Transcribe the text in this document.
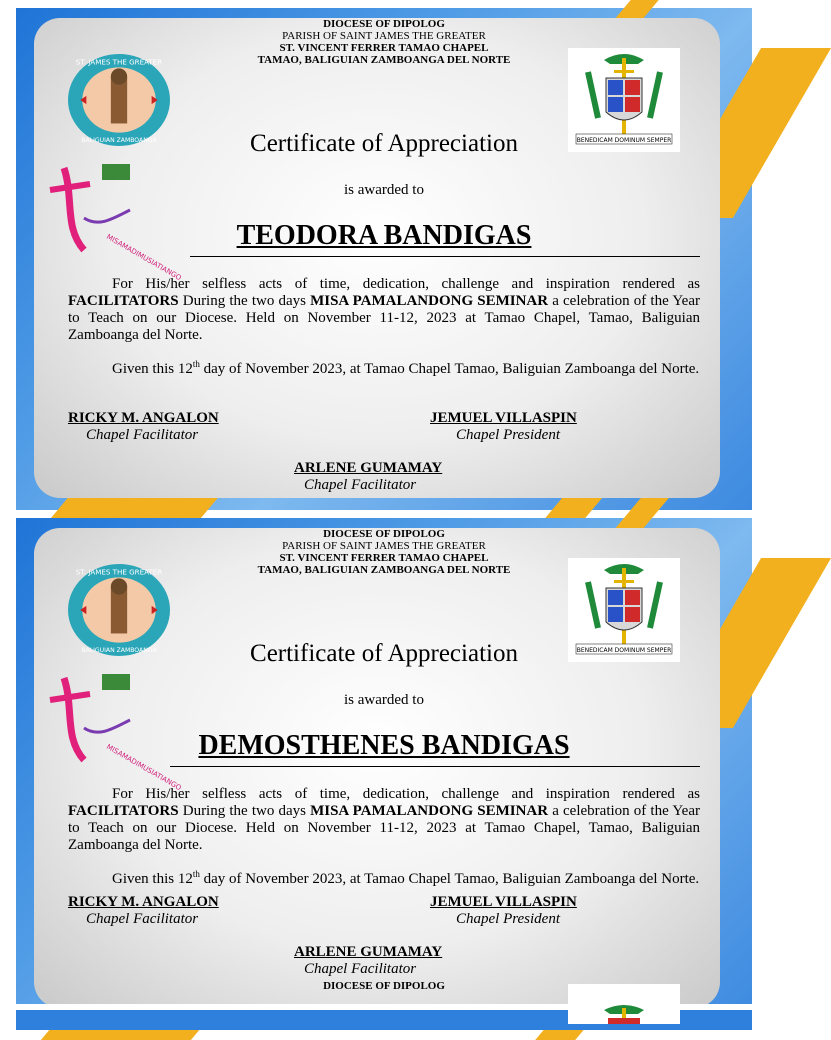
ST. JAMES THE GREATER
BALIGUIAN ZAMBOANGA
MISAMADIMUSIATIANGO
BENEDICAM DOMINUM SEMPER
DIOCESE OF DIPOLOG
PARISH OF SAINT JAMES THE GREATER
ST. VINCENT FERRER TAMAO CHAPEL
TAMAO, BALIGUIAN ZAMBOANGA DEL NORTE
Certificate of Appreciation
is awarded to
TEODORA BANDIGAS

For His/her selfless acts of time, dedication, challenge and inspiration rendered as FACILITATORS During the two days MISA PAMALANDONG SEMINAR a celebration of the Year to Teach on our Diocese. Held on November 11-12, 2023 at Tamao Chapel, Tamao, Baliguian Zamboanga del Norte.

Given this 12th day of November 2023, at Tamao Chapel Tamao, Baliguian Zamboanga del Norte.

RICKY M. ANGALON
Chapel Facilitator
JEMUEL VILLASPIN
Chapel President
ARLENE GUMAMAY
Chapel Facilitator
ST. JAMES THE GREATER
BALIGUIAN ZAMBOANGA
MISAMADIMUSIATIANGO
BENEDICAM DOMINUM SEMPER
DIOCESE OF DIPOLOG
PARISH OF SAINT JAMES THE GREATER
ST. VINCENT FERRER TAMAO CHAPEL
TAMAO, BALIGUIAN ZAMBOANGA DEL NORTE
Certificate of Appreciation
is awarded to
DEMOSTHENES BANDIGAS

For His/her selfless acts of time, dedication, challenge and inspiration rendered as FACILITATORS During the two days MISA PAMALANDONG SEMINAR a celebration of the Year to Teach on our Diocese. Held on November 11-12, 2023 at Tamao Chapel, Tamao, Baliguian Zamboanga del Norte.

Given this 12th day of November 2023, at Tamao Chapel Tamao, Baliguian Zamboanga del Norte.

RICKY M. ANGALON
Chapel Facilitator
JEMUEL VILLASPIN
Chapel President
ARLENE GUMAMAY
Chapel Facilitator
DIOCESE OF DIPOLOG
